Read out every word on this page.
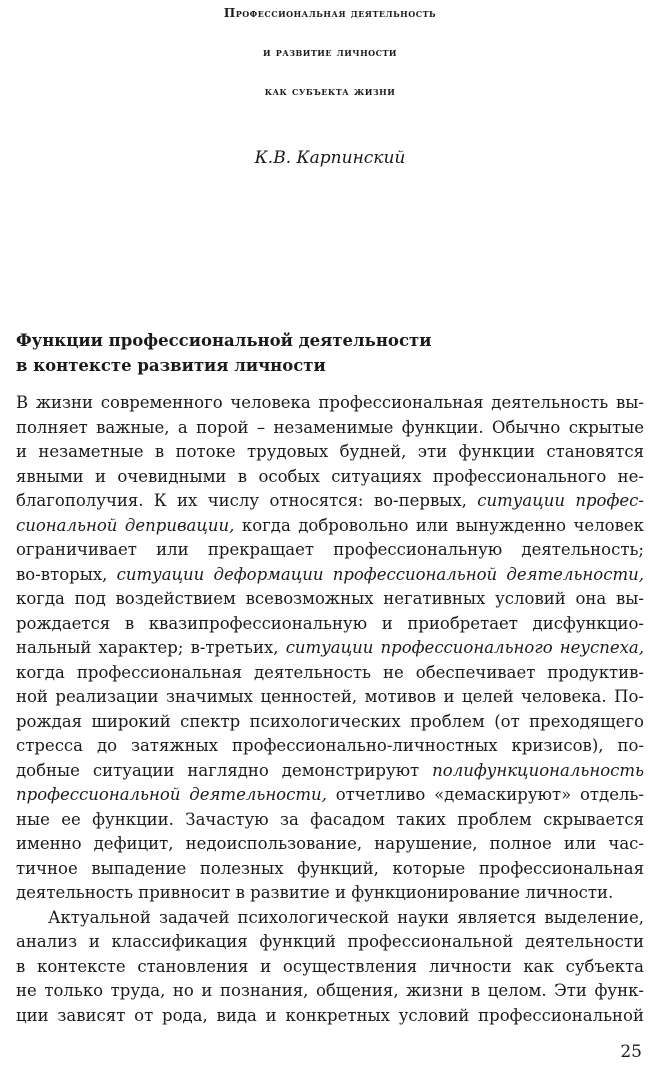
Профессиональная деятельность
и развитие личности
как субъекта жизни

К.В. Карпинский

Функции профессиональной деятельности
в контексте развития личности
В жизни современного человека профессиональная деятельность вы-
полняет важные, а порой – незаменимые функции. Обычно скрытые
и незаметные в потоке трудовых будней, эти функции становятся
явными и очевидными в особых ситуациях профессионального не-
благополучия. К их числу относятся: во-первых, ситуации профес-
сиональной депривации, когда добровольно или вынужденно человек
ограничивает или прекращает профессиональную деятельность;
во-вторых, ситуации деформации профессиональной деятельности,
когда под воздействием всевозможных негативных условий она вы-
рождается в квазипрофессиональную и приобретает дисфункцио-
нальный характер; в-третьих, ситуации профессионального неуспеха,
когда профессиональная деятельность не обеспечивает продуктив-
ной реализации значимых ценностей, мотивов и целей человека. По-
рождая широкий спектр психологических проблем (от преходящего
стресса до затяжных профессионально-личностных кризисов), по-
добные ситуации наглядно демонстрируют полифункциональность
профессиональной деятельности, отчетливо «демаскируют» отдель-
ные ее функции. Зачастую за фасадом таких проблем скрывается
именно дефицит, недоиспользование, нарушение, полное или час-
тичное выпадение полезных функций, которые профессиональная
деятельность привносит в развитие и функционирование личности.
Актуальной задачей психологической науки является выделение,
анализ и классификация функций профессиональной деятельности
в контексте становления и осуществления личности как субъекта
не только труда, но и познания, общения, жизни в целом. Эти функ-
ции зависят от рода, вида и конкретных условий профессиональной

25
